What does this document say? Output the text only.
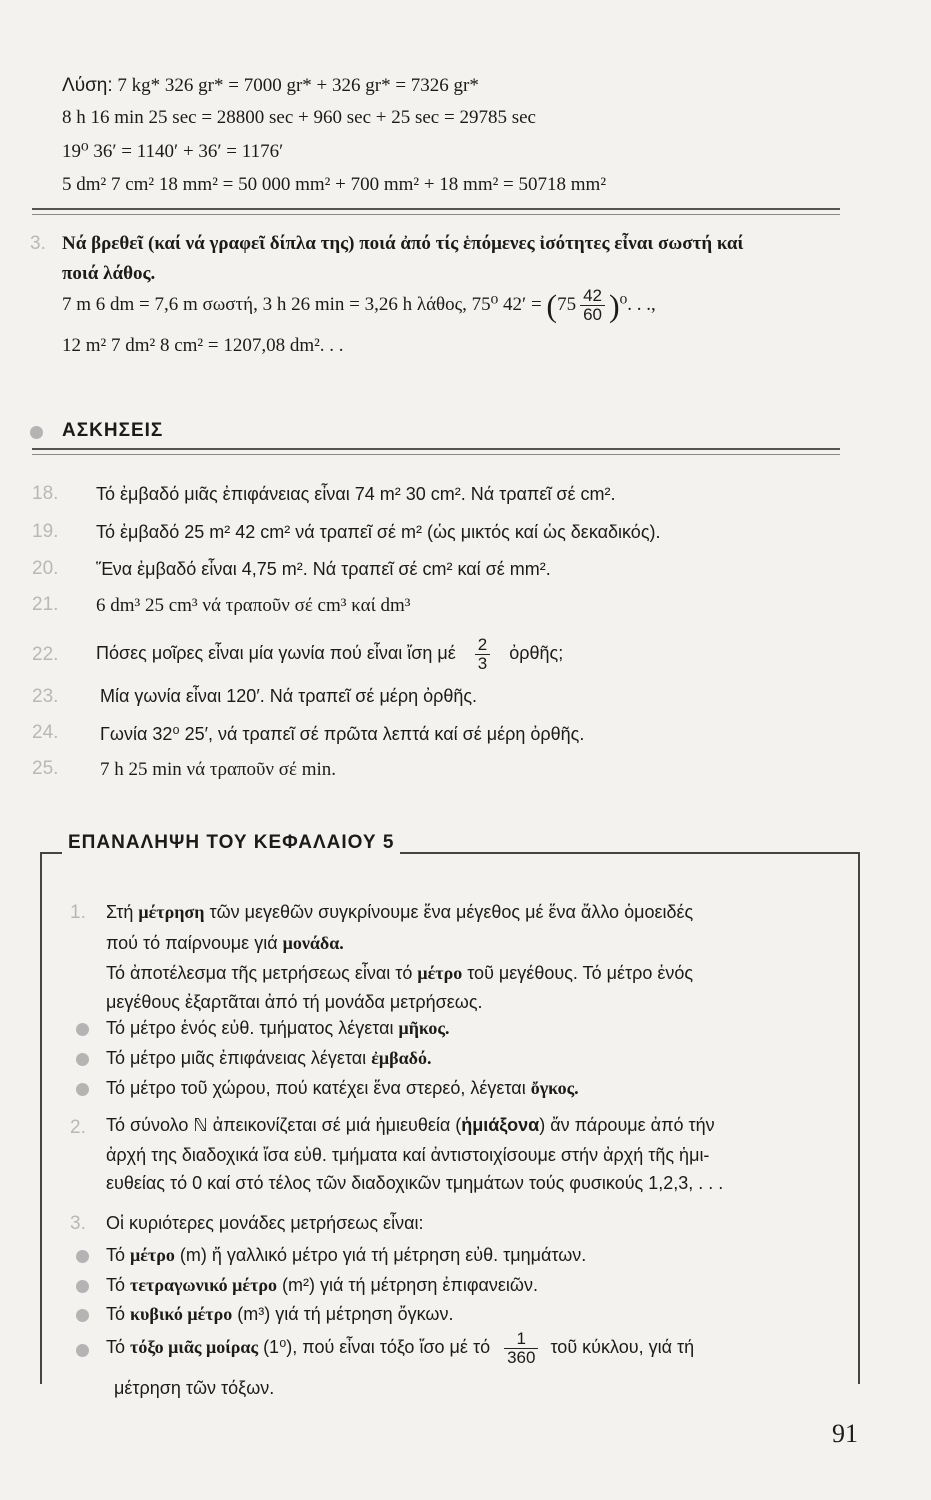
Λύση: 7 kg* 326 gr* = 7000 gr* + 326 gr* = 7326 gr*
8 h 16 min 25 sec = 28800 sec + 960 sec + 25 sec = 29785 sec
19⁰ 36′ = 1140′ + 36′ = 1176′
5 dm² 7 cm² 18 mm² = 50 000 mm² + 700 mm² + 18 mm² = 50718 mm²
3. Νά βρεθεῖ (καί νά γραφεῖ δίπλα της) ποιά ἀπό τίς ἑπόμενες ἰσότητες εἶναι σωστή καί
ποιά λάθος.
7 m 6 dm = 7,6 m σωστή, 3 h 26 min = 3,26 h λάθος, 75⁰ $42' = (75 \frac{42}{60} )^0$. . .,
12 m² 7 dm² 8 cm² = 1207,08 dm². . .
ΑΣΚΗΣΕΙΣ
18. Τό ἐμβαδό μιᾶς ἐπιφάνειας εἶναι 74 m² 30 cm². Νά τραπεῖ σέ cm².
19. Τό ἐμβαδό 25 m² 42 cm² νά τραπεῖ σέ m² (ὡς μικτός καί ὡς δεκαδικός).
20. Ἕνα ἐμβαδό εἶναι 4,75 m². Νά τραπεῖ σέ cm² καί σέ mm².
21. 6 dm³ 25 cm³ νά τραποῦν σέ cm³ καί dm³
22. Πόσες μοῖρες εἶναι μία γωνία πού εἶναι ἴση μέ $\frac{2}{3}$ ὀρθῆς;
23. Μία γωνία εἶναι 120′. Νά τραπεῖ σέ μέρη ὀρθῆς.
24. Γωνία 32⁰ 25′, νά τραπεῖ σέ πρῶτα λεπτά καί σέ μέρη ὀρθῆς.
25. 7 h 25 min νά τραποῦν σέ min.
ΕΠΑΝΑΛΗΨΗ ΤΟΥ ΚΕΦΑΛΑΙΟΥ 5
1. Στή μέτρηση τῶν μεγεθῶν συγκρίνουμε ἕνα μέγεθος μέ ἕνα ἄλλο ὁμοειδές
πού τό παίρνουμε γιά μονάδα.
Τό ἀποτέλεσμα τῆς μετρήσεως εἶναι τό μέτρο τοῦ μεγέθους. Τό μέτρο ἑνός
μεγέθους ἐξαρτᾶται ἀπό τή μονάδα μετρήσεως.
Τό μέτρο ἑνός εὐθ. τμήματος λέγεται μῆκος.
Τό μέτρο μιᾶς ἐπιφάνειας λέγεται ἐμβαδό.
Τό μέτρο τοῦ χώρου, πού κατέχει ἕνα στερεό, λέγεται ὄγκος.
2. Τό σύνολο ℕ ἀπεικονίζεται σέ μιά ἡμιευθεία (ἡμιάξονα) ἄν πάρουμε ἀπό τήν
ἀρχή της διαδοχικά ἴσα εὐθ. τμήματα καί ἀντιστοιχίσουμε στήν ἀρχή τῆς ἡμι-
ευθείας τό 0 καί στό τέλος τῶν διαδοχικῶν τμημάτων τούς φυσικούς 1,2,3, . . .
3. Οἱ κυριότερες μονάδες μετρήσεως εἶναι:
Τό μέτρο (m) ἤ γαλλικό μέτρο γιά τή μέτρηση εὐθ. τμημάτων.
Τό τετραγωνικό μέτρο (m²) γιά τή μέτρηση ἐπιφανειῶν.
Τό κυβικό μέτρο (m³) γιά τή μέτρηση ὄγκων.
Τό τόξο μιᾶς μοίρας (1⁰), πού εἶναι τόξο ἴσο μέ τό $\frac{1}{360}$ τοῦ κύκλου, γιά τή
μέτρηση τῶν τόξων.
91
